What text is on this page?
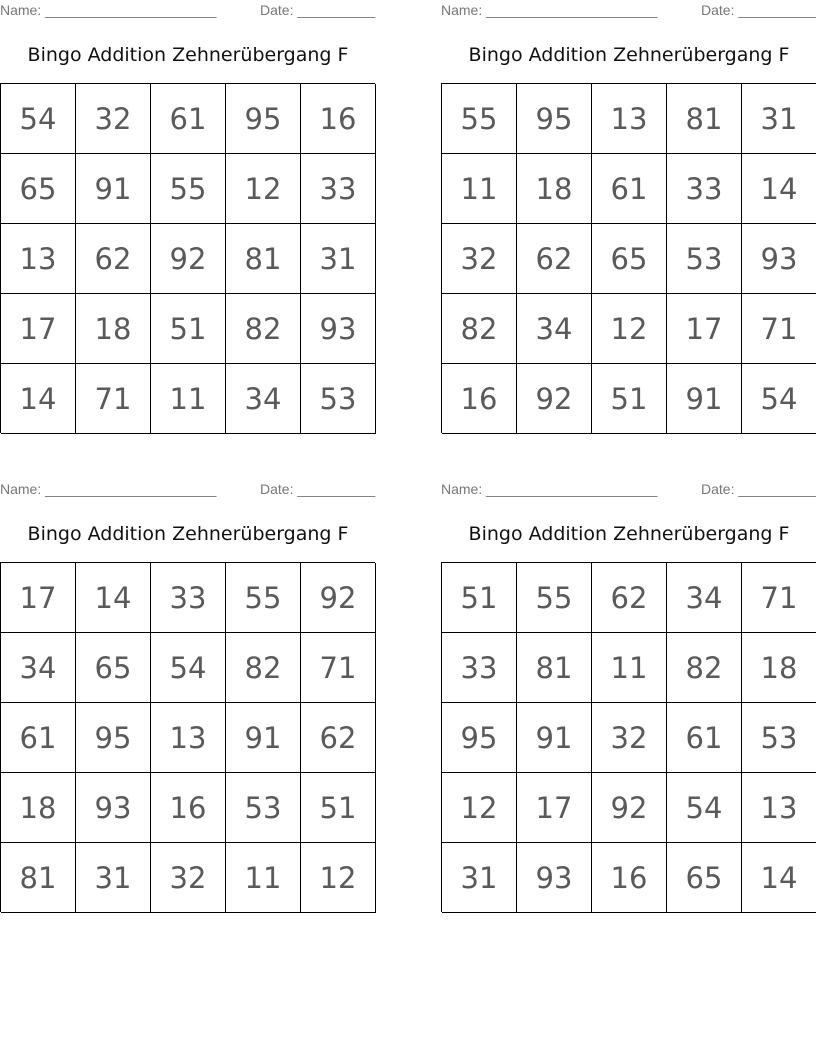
Name: ______________________	Date: __________
Bingo Addition Zehnerübergang F
54	32	61	95	16
65	91	55	12	33
13	62	92	81	31
17	18	51	82	93
14	71	11	34	53
Name: ______________________	Date: __________
Bingo Addition Zehnerübergang F
55	95	13	81	31
11	18	61	33	14
32	62	65	53	93
82	34	12	17	71
16	92	51	91	54
Name: ______________________	Date: __________
Bingo Addition Zehnerübergang F
17	14	33	55	92
34	65	54	82	71
61	95	13	91	62
18	93	16	53	51
81	31	32	11	12
Name: ______________________	Date: __________
Bingo Addition Zehnerübergang F
51	55	62	34	71
33	81	11	82	18
95	91	32	61	53
12	17	92	54	13
31	93	16	65	14
